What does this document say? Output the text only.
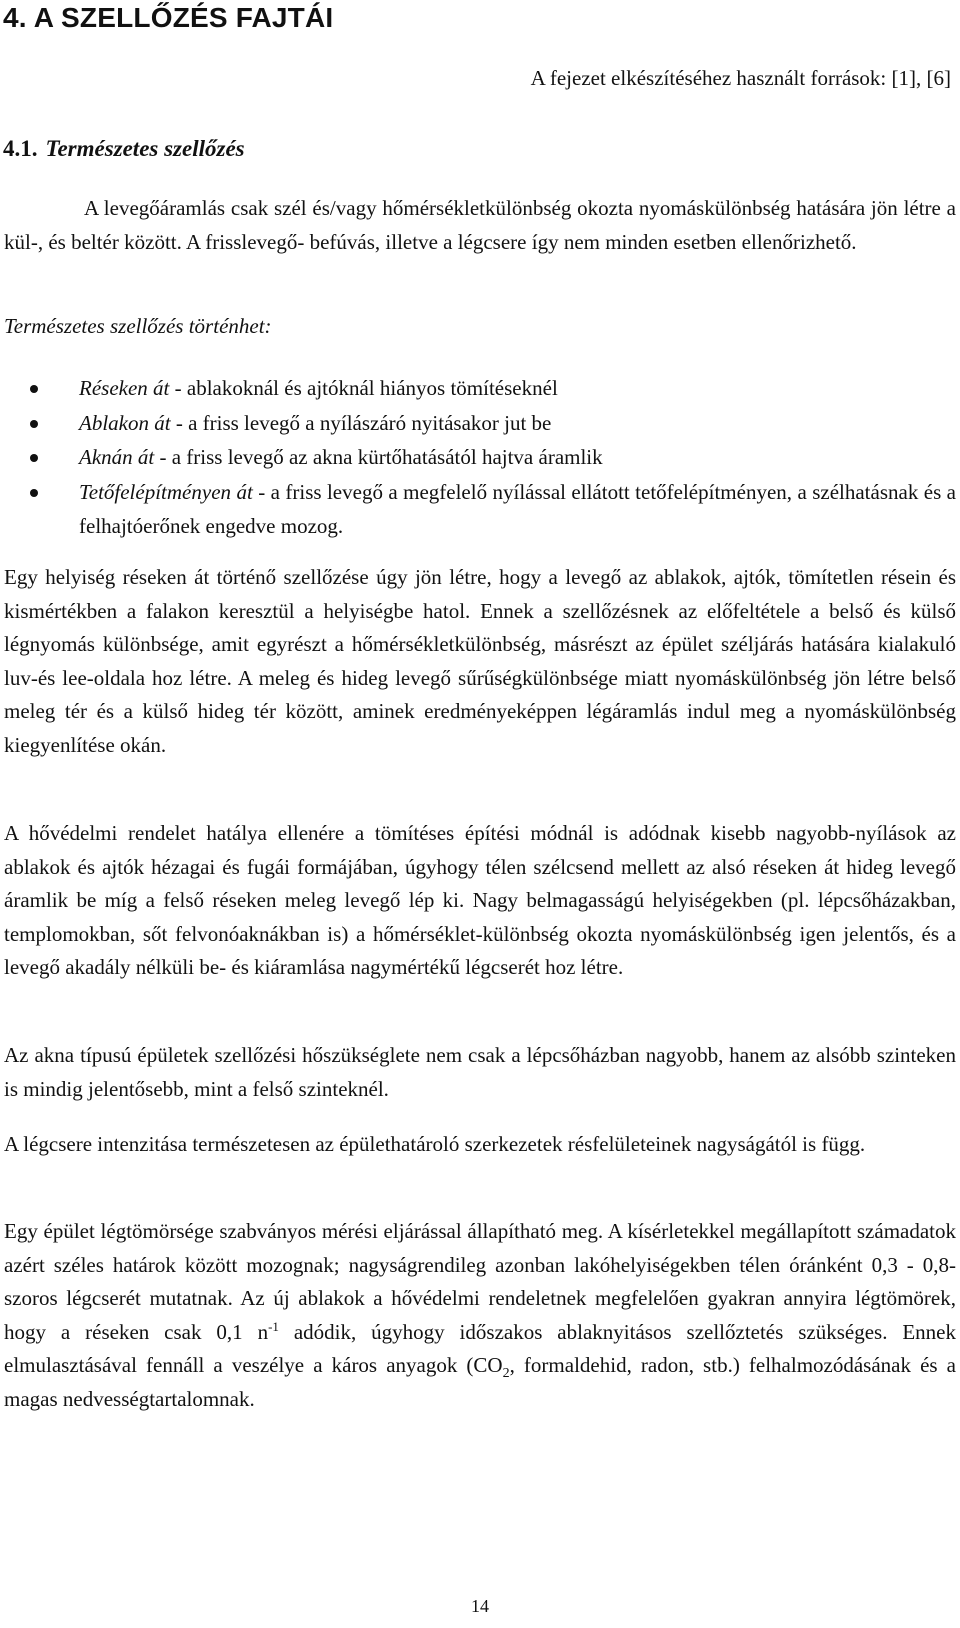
4. A SZELLŐZÉS FAJTÁI

A fejezet elkészítéséhez használt források: [1], [6]

4.1. Természetes szellőzés

A levegőáramlás csak szél és/vagy hőmérsékletkülönbség okozta nyomáskülönbség hatására jön létre a kül-, és beltér között. A frisslevegő- befúvás, illetve a légcsere így nem minden esetben ellenőrizhető.

Természetes szellőzés történhet:

Réseken át - ablakoknál és ajtóknál hiányos tömítéseknél
Ablakon át - a friss levegő a nyílászáró nyitásakor jut be
Aknán át - a friss levegő az akna kürtőhatásától hajtva áramlik
Tetőfelépítményen át - a friss levegő a megfelelő nyílással ellátott tetőfelépítményen, a szélhatásnak és a felhajtóerőnek engedve mozog.

Egy helyiség réseken át történő szellőzése úgy jön létre, hogy a levegő az ablakok, ajtók, tömítetlen résein és kismértékben a falakon keresztül a helyiségbe hatol. Ennek a szellőzésnek az előfeltétele a belső és külső légnyomás különbsége, amit egyrészt a hőmérsékletkülönbség, másrészt az épület széljárás hatására kialakuló luv-és lee-oldala hoz létre. A meleg és hideg levegő sűrűségkülönbsége miatt nyomáskülönbség jön létre belső meleg tér és a külső hideg tér között, aminek eredményeképpen légáramlás indul meg a nyomáskülönbség kiegyenlítése okán.

A hővédelmi rendelet hatálya ellenére a tömítéses építési módnál is adódnak kisebb nagyobb-nyílások az ablakok és ajtók hézagai és fugái formájában, úgyhogy télen szélcsend mellett az alsó réseken át hideg levegő áramlik be míg a felső réseken meleg levegő lép ki. Nagy belmagasságú helyiségekben (pl. lépcsőházakban, templomokban, sőt felvonóaknákban is) a hőmérséklet-különbség okozta nyomáskülönbség igen jelentős, és a levegő akadály nélküli be- és kiáramlása nagymértékű légcserét hoz létre.

Az akna típusú épületek szellőzési hőszükséglete nem csak a lépcsőházban nagyobb, hanem az alsóbb szinteken is mindig jelentősebb, mint a felső szinteknél.

A légcsere intenzitása természetesen az épülethatároló szerkezetek résfelületeinek nagyságától is függ.

Egy épület légtömörsége szabványos mérési eljárással állapítható meg. A kísérletekkel megállapított számadatok azért széles határok között mozognak; nagyságrendileg azonban lakóhelyiségekben télen óránként 0,3 - 0,8-szoros légcserét mutatnak. Az új ablakok a hővédelmi rendeletnek megfelelően gyakran annyira légtömörek, hogy a réseken csak 0,1 $n^{-1}$ adódik, úgyhogy időszakos ablaknyitásos szellőztetés szükséges. Ennek elmulasztásával fennáll a veszélye a káros anyagok ($CO_2$, formaldehid, radon, stb.) felhalmozódásának és a magas nedvességtartalomnak.

14
